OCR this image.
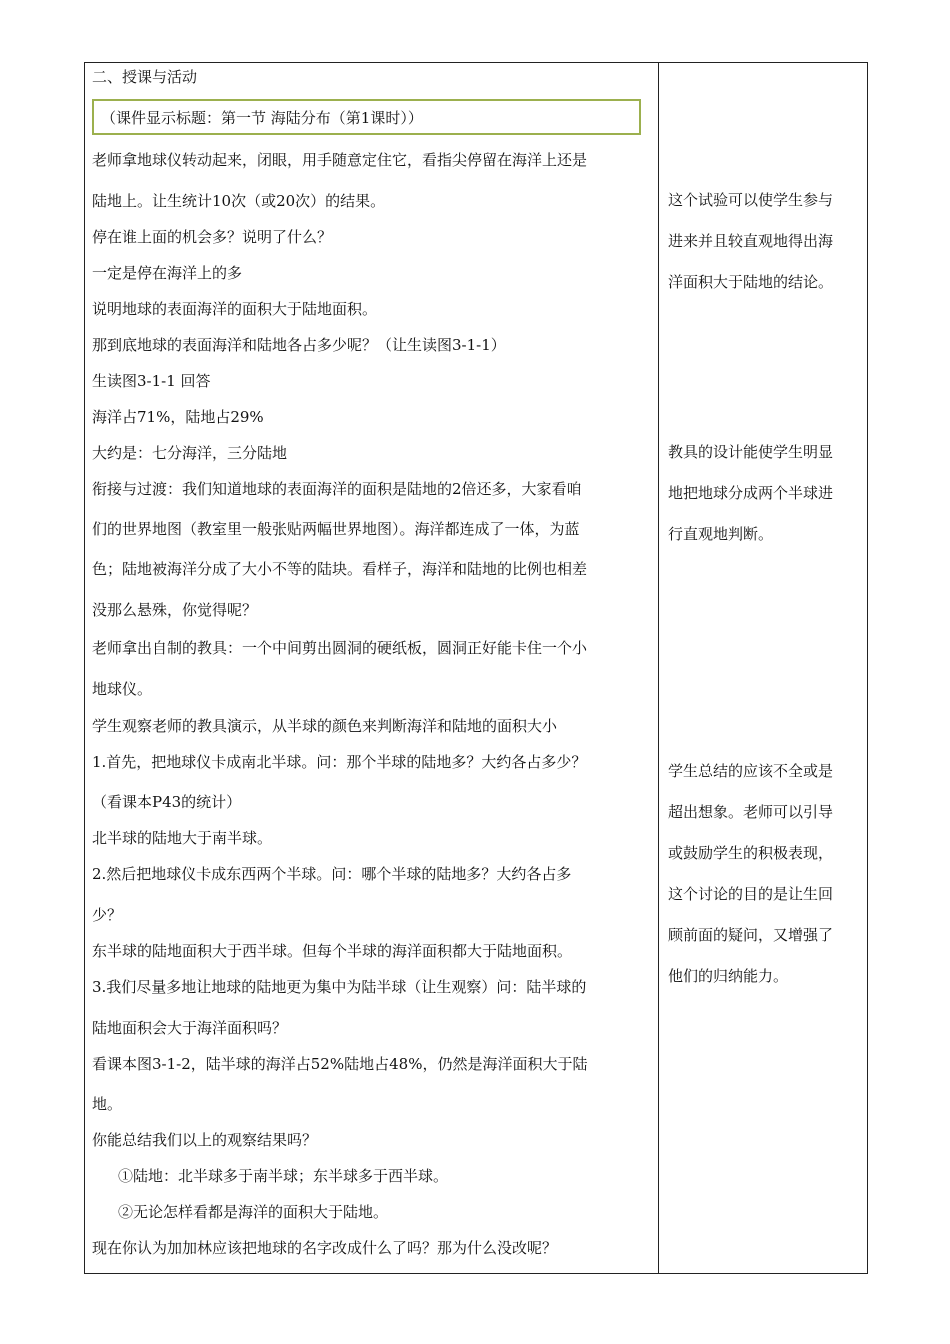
二、授课与活动
（课件显示标题：第一节 海陆分布（第1课时））
老师拿地球仪转动起来，闭眼，用手随意定住它，看指尖停留在海洋上还是
陆地上。让生统计10次（或20次）的结果。
停在谁上面的机会多？说明了什么？
一定是停在海洋上的多
说明地球的表面海洋的面积大于陆地面积。
那到底地球的表面海洋和陆地各占多少呢？（让生读图3-1-1）
生读图3-1-1 回答
海洋占71%，陆地占29%
大约是：七分海洋，三分陆地
衔接与过渡：我们知道地球的表面海洋的面积是陆地的2倍还多，大家看咱
们的世界地图（教室里一般张贴两幅世界地图）。海洋都连成了一体，为蓝
色；陆地被海洋分成了大小不等的陆块。看样子，海洋和陆地的比例也相差
没那么悬殊，你觉得呢？
老师拿出自制的教具：一个中间剪出圆洞的硬纸板，圆洞正好能卡住一个小
地球仪。
学生观察老师的教具演示，从半球的颜色来判断海洋和陆地的面积大小
1.首先，把地球仪卡成南北半球。问：那个半球的陆地多？大约各占多少？
（看课本P43的统计）
北半球的陆地大于南半球。
2.然后把地球仪卡成东西两个半球。问：哪个半球的陆地多？大约各占多
少？
东半球的陆地面积大于西半球。但每个半球的海洋面积都大于陆地面积。
3.我们尽量多地让地球的陆地更为集中为陆半球（让生观察）问：陆半球的
陆地面积会大于海洋面积吗？
看课本图3-1-2，陆半球的海洋占52%陆地占48%，仍然是海洋面积大于陆
地。
你能总结我们以上的观察结果吗？
①陆地：北半球多于南半球；东半球多于西半球。
②无论怎样看都是海洋的面积大于陆地。
现在你认为加加林应该把地球的名字改成什么了吗？那为什么没改呢？
这个试验可以使学生参与
进来并且较直观地得出海
洋面积大于陆地的结论。
教具的设计能使学生明显
地把地球分成两个半球进
行直观地判断。
学生总结的应该不全或是
超出想象。老师可以引导
或鼓励学生的积极表现，
这个讨论的目的是让生回
顾前面的疑问，又增强了
他们的归纳能力。
